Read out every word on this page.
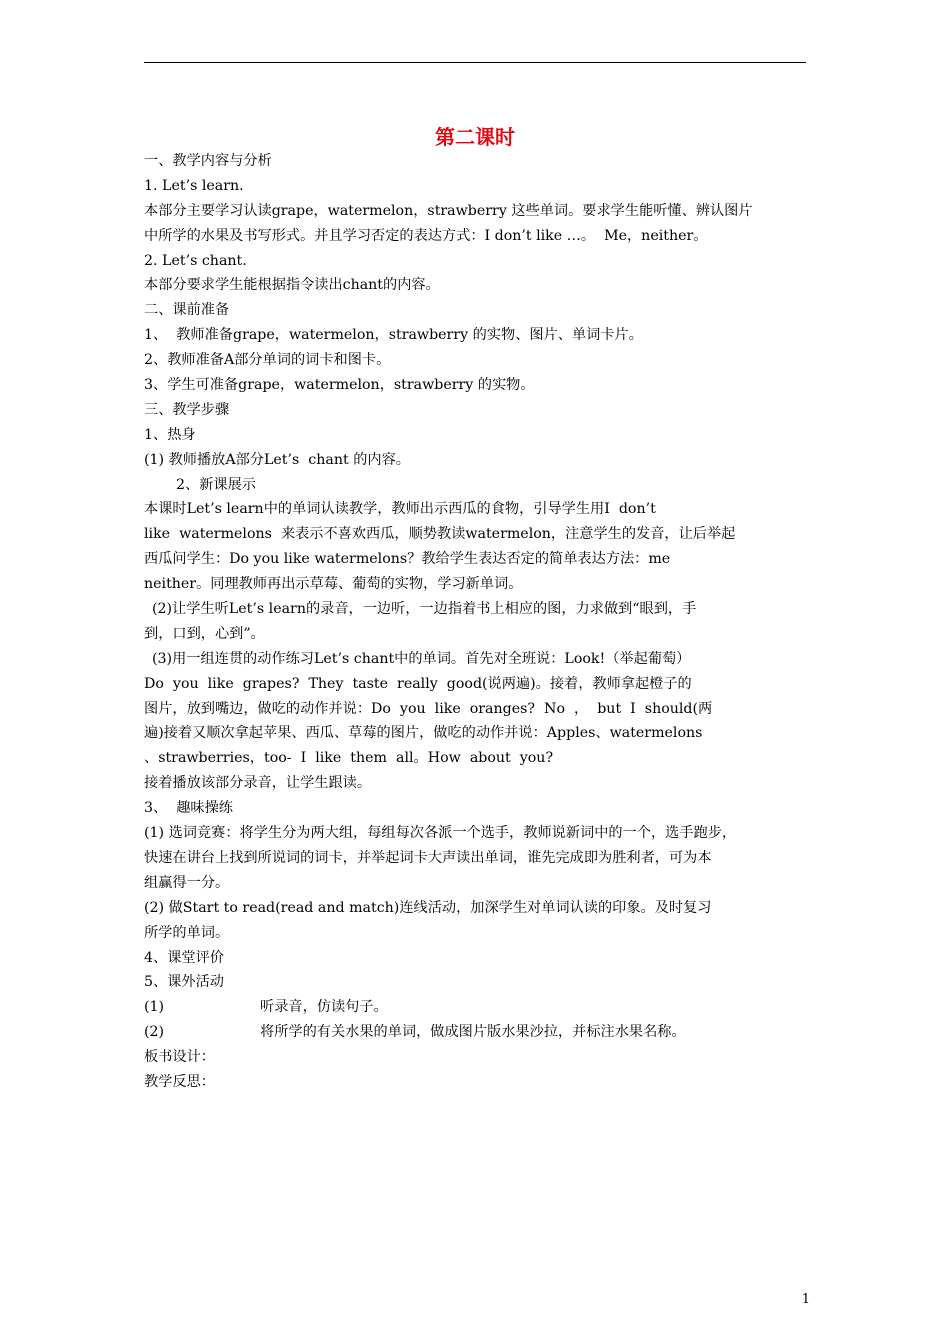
第二课时
一、教学内容与分析
1. Let’s learn.
本部分主要学习认读grape，watermelon，strawberry 这些单词。要求学生能听懂、辨认图片
中所学的水果及书写形式。并且学习否定的表达方式：I don’t like …。  Me，neither。
2. Let’s chant.
本部分要求学生能根据指令读出chant的内容。
二、课前准备
1、  教师准备grape，watermelon，strawberry 的实物、图片、单词卡片。
2、教师准备A部分单词的词卡和图卡。
3、学生可准备grape，watermelon，strawberry 的实物。
三、教学步骤
1、热身
(1) 教师播放A部分Let’s  chant 的内容。
2、新课展示
本课时Let’s learn中的单词认读教学，教师出示西瓜的食物，引导学生用I  don’t
like  watermelons  来表示不喜欢西瓜，顺势教读watermelon，注意学生的发音，让后举起
西瓜问学生：Do you like watermelons？教给学生表达否定的简单表达方法：me
neither。同理教师再出示草莓、葡萄的实物，学习新单词。
(2)让学生听Let’s learn的录音，一边听，一边指着书上相应的图，力求做到“眼到，手
到，口到，心到”。
(3)用一组连贯的动作练习Let’s chant中的单词。首先对全班说：Look!（举起葡萄）
Do  you  like  grapes?  They  taste  really  good(说两遍)。接着，教师拿起橙子的
图片，放到嘴边，做吃的动作并说：Do  you  like  oranges?  No  ，  but  I  should(两
遍)接着又顺次拿起苹果、西瓜、草莓的图片，做吃的动作并说：Apples、watermelons
、strawberries，too-  I  like  them  all。How  about  you?
接着播放该部分录音，让学生跟读。
3、  趣味操练
(1) 选词竞赛：将学生分为两大组，每组每次各派一个选手，教师说新词中的一个，选手跑步，
快速在讲台上找到所说词的词卡，并举起词卡大声读出单词，谁先完成即为胜利者，可为本
组赢得一分。
(2) 做Start to read(read and match)连线活动，加深学生对单词认读的印象。及时复习
所学的单词。
4、课堂评价
5、课外活动
(1)	听录音，仿读句子。
(2)	将所学的有关水果的单词，做成图片版水果沙拉，并标注水果名称。
板书设计：
教学反思：
1
